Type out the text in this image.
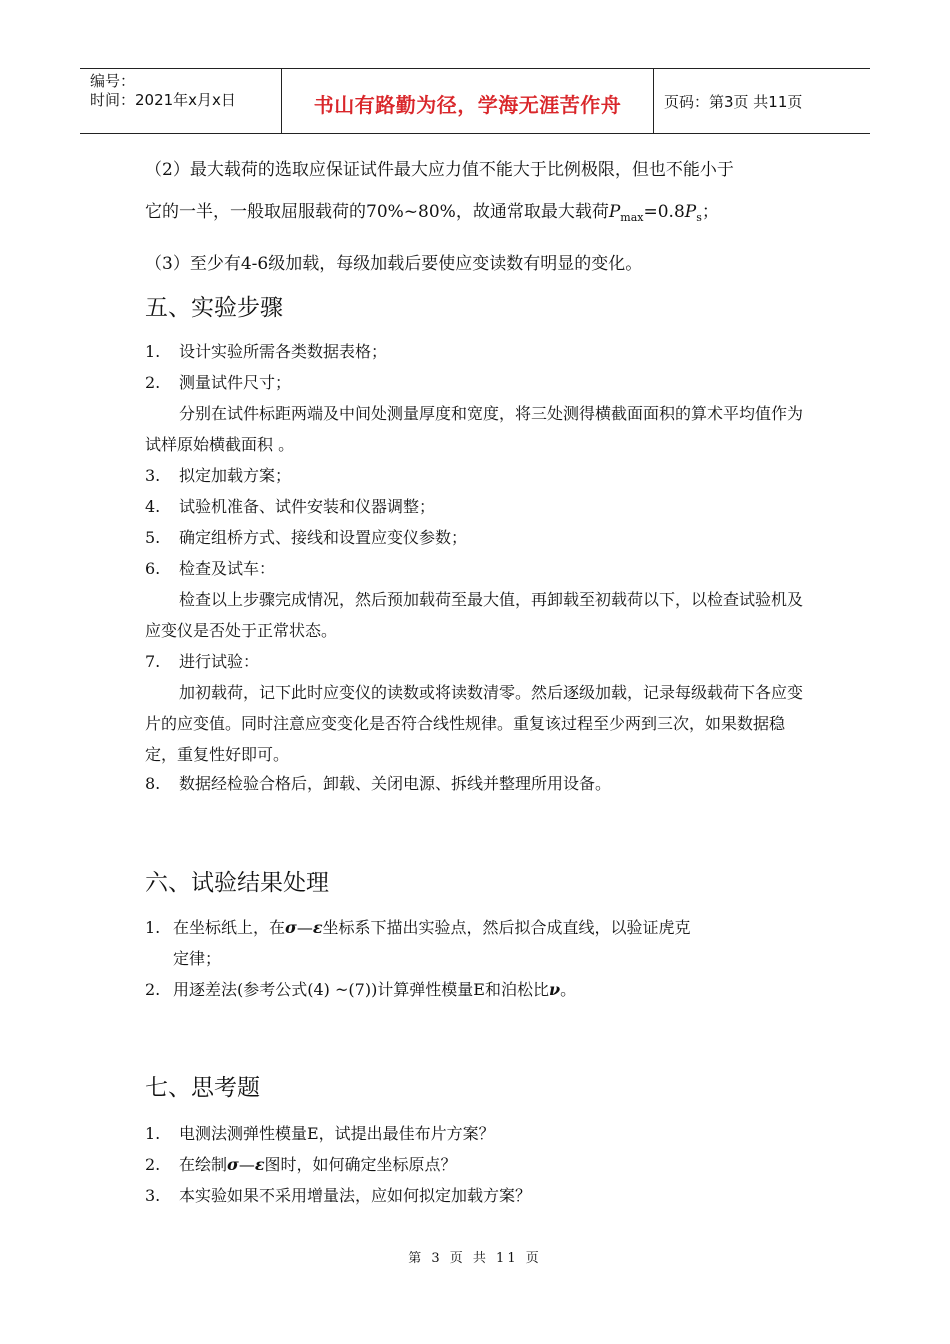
编号：
时间：2021年x月x日	书山有路勤为径，学海无涯苦作舟	页码：第3页 共11页
（2）最大载荷的选取应保证试件最大应力值不能大于比例极限，但也不能小于
它的一半，一般取屈服载荷的70%~80%，故通常取最大载荷$P_{max}=0.8P_s$；
（3）至少有4-6级加载，每级加载后要使应变读数有明显的变化。
五、实验步骤
1. 设计实验所需各类数据表格；
2. 测量试件尺寸；
分别在试件标距两端及中间处测量厚度和宽度，将三处测得横截面面积的算术平均值作为试样原始横截面积 。
3. 拟定加载方案；
4. 试验机准备、试件安装和仪器调整；
5. 确定组桥方式、接线和设置应变仪参数；
6. 检查及试车：
检查以上步骤完成情况，然后预加载荷至最大值，再卸载至初载荷以下，以检查试验机及应变仪是否处于正常状态。
7. 进行试验：
加初载荷，记下此时应变仪的读数或将读数清零。然后逐级加载，记录每级载荷下各应变片的应变值。同时注意应变变化是否符合线性规律。重复该过程至少两到三次，如果数据稳定，重复性好即可。
8. 数据经检验合格后，卸载、关闭电源、拆线并整理所用设备。
六、试验结果处理
1. 在坐标纸上，在σ—ε坐标系下描出实验点，然后拟合成直线，以验证虎克
定律；
2. 用逐差法(参考公式(4) ~(7))计算弹性模量E和泊松比ν。
七、思考题
1. 电测法测弹性模量E，试提出最佳布片方案？
2. 在绘制σ—ε图时，如何确定坐标原点？
3. 本实验如果不采用增量法，应如何拟定加载方案？
第 3 页 共 11 页
